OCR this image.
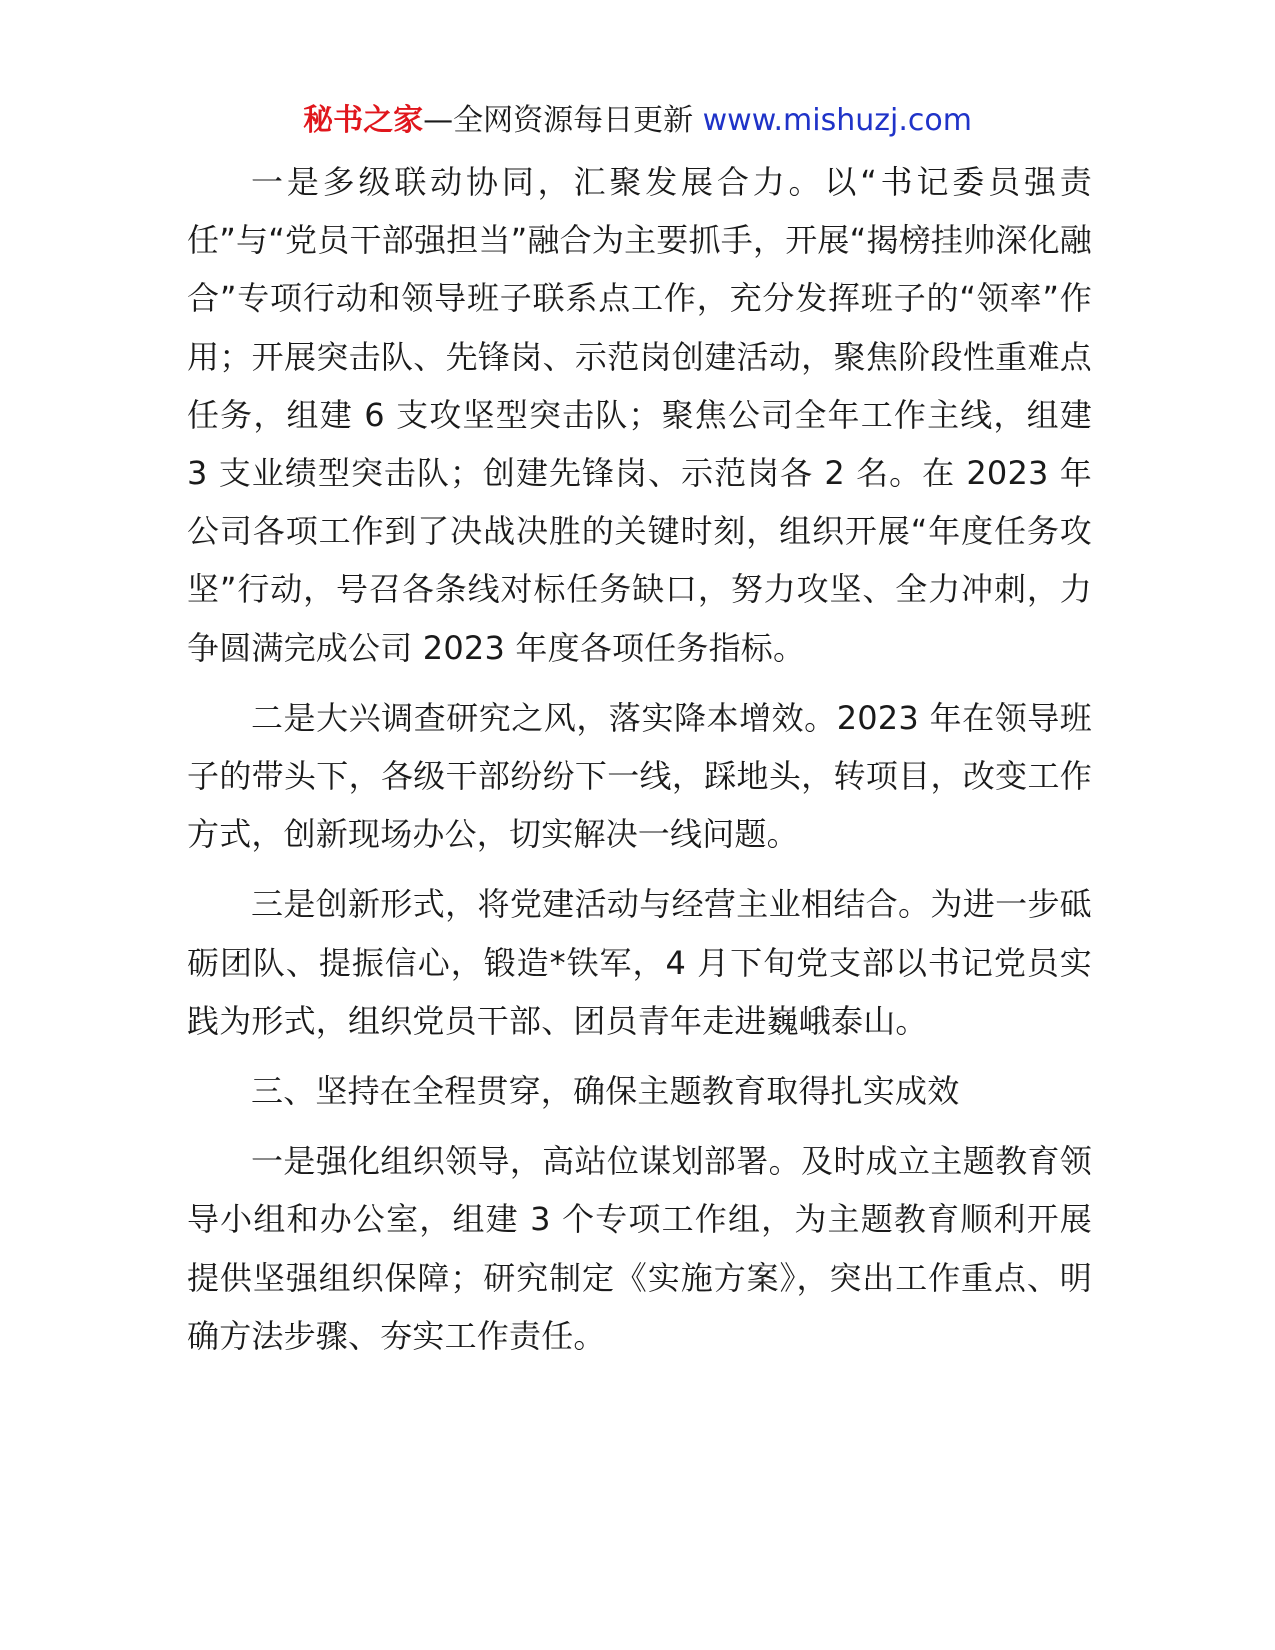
秘书之家—全网资源每日更新 www.mishuzj.com

一是多级联动协同，汇聚发展合力。以“书记委员强责任”与“党员干部强担当”融合为主要抓手，开展“揭榜挂帅深化融合”专项行动和领导班子联系点工作，充分发挥班子的“领率”作用；开展突击队、先锋岗、示范岗创建活动，聚焦阶段性重难点任务，组建 6 支攻坚型突击队；聚焦公司全年工作主线，组建 3 支业绩型突击队；创建先锋岗、示范岗各 2 名。在 2023 年公司各项工作到了决战决胜的关键时刻，组织开展“年度任务攻坚”行动，号召各条线对标任务缺口，努力攻坚、全力冲刺，力争圆满完成公司 2023 年度各项任务指标。

二是大兴调查研究之风，落实降本增效。2023 年在领导班子的带头下，各级干部纷纷下一线，踩地头，转项目，改变工作方式，创新现场办公，切实解决一线问题。

三是创新形式，将党建活动与经营主业相结合。为进一步砥砺团队、提振信心，锻造*铁军，4 月下旬党支部以书记党员实践为形式，组织党员干部、团员青年走进巍峨泰山。

三、坚持在全程贯穿，确保主题教育取得扎实成效

一是强化组织领导，高站位谋划部署。及时成立主题教育领导小组和办公室，组建 3 个专项工作组，为主题教育顺利开展提供坚强组织保障；研究制定《实施方案》，突出工作重点、明确方法步骤、夯实工作责任。
